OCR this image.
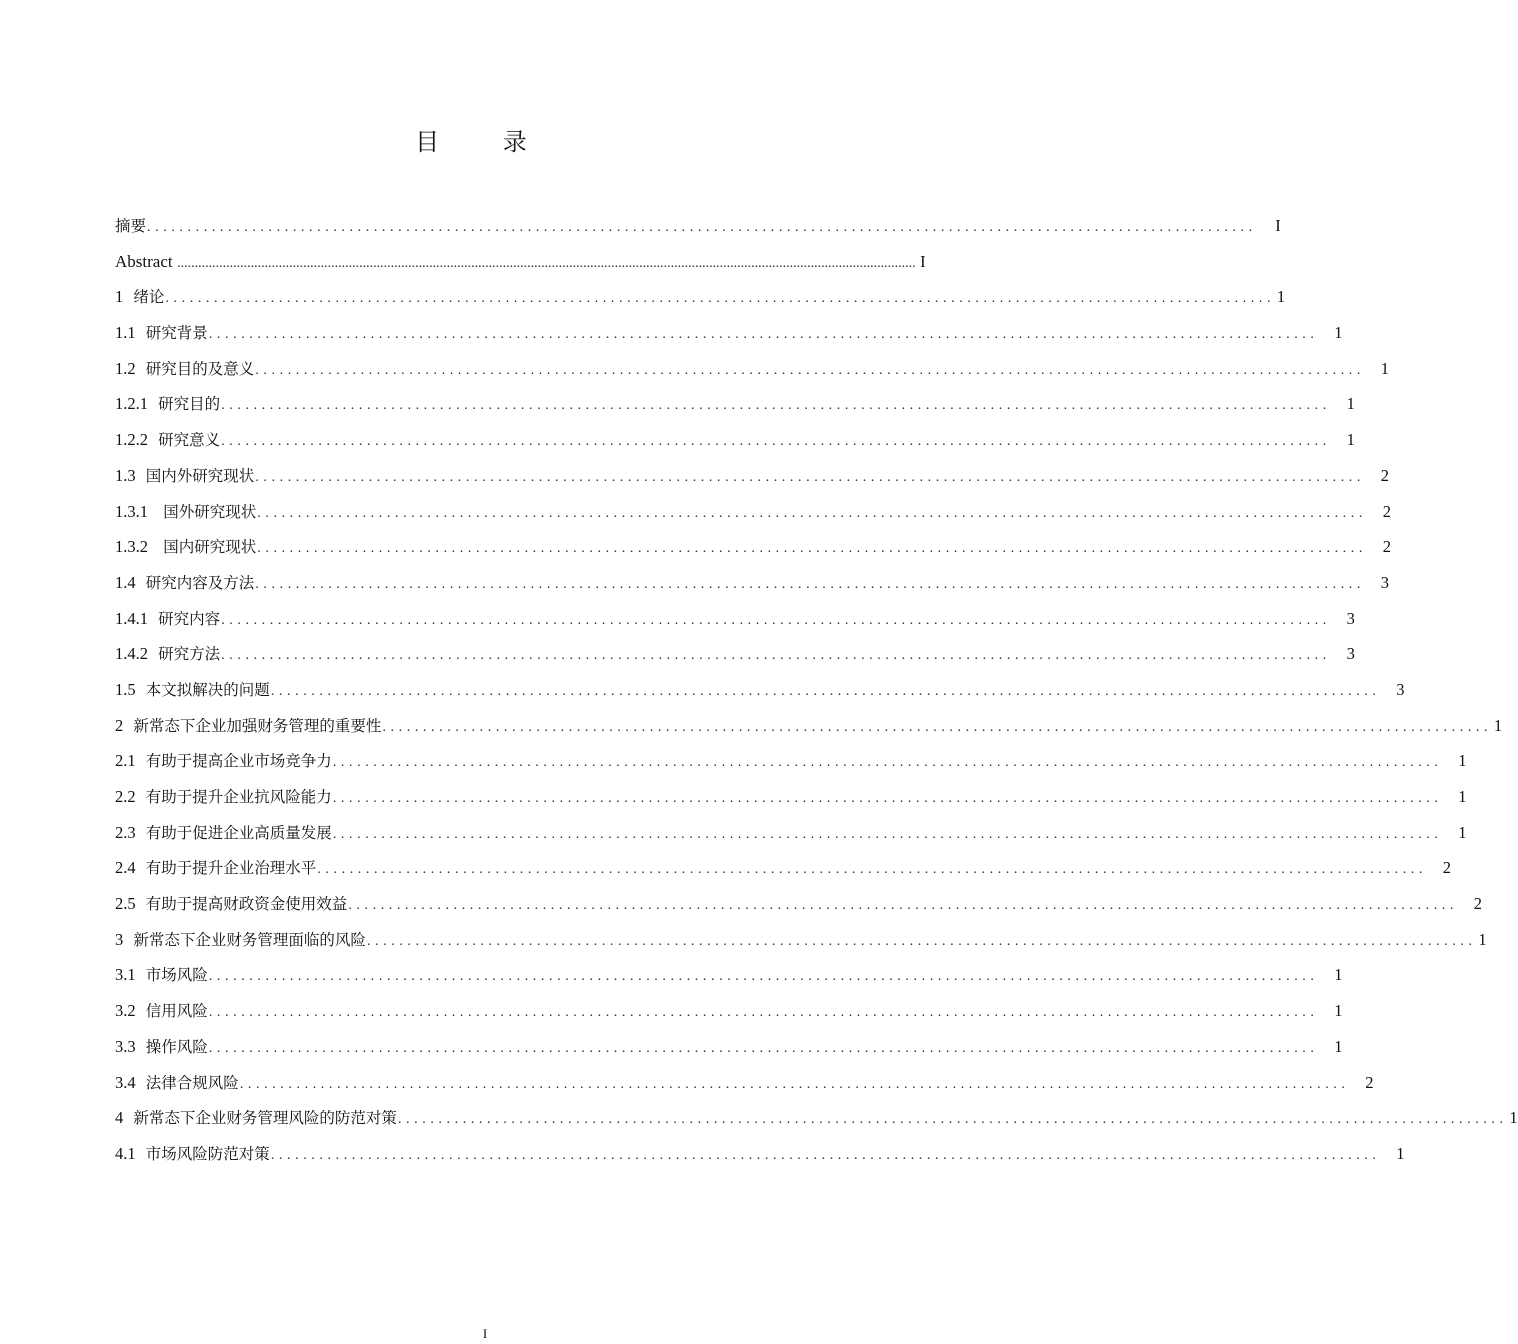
目 录
摘要 .........................................................................................................................................	I
Abstract ................................................................................................................................................................................................................... I
1
绪论 ......................................................................................................................................... 1
1.1
研究背景 ......................................................................................................................................... 1
1.2
研究目的及意义 ......................................................................................................................................... 1
1.2.1
研究目的 ......................................................................................................................................... 1
1.2.2
研究意义 ......................................................................................................................................... 1
1.3
国内外研究现状 ......................................................................................................................................... 2
1.3.1
国外研究现状 ......................................................................................................................................... 2
1.3.2
国内研究现状 ......................................................................................................................................... 2
1.4
研究内容及方法 ......................................................................................................................................... 3
1.4.1
研究内容 ......................................................................................................................................... 3
1.4.2
研究方法 ......................................................................................................................................... 3
1.5
本文拟解决的问题 ......................................................................................................................................... 3
2
新常态下企业加强财务管理的重要性 ......................................................................................................................................... 1
2.1
有助于提高企业市场竞争力 ......................................................................................................................................... 1
2.2
有助于提升企业抗风险能力 ......................................................................................................................................... 1
2.3
有助于促进企业高质量发展 ......................................................................................................................................... 1
2.4
有助于提升企业治理水平 ......................................................................................................................................... 2
2.5
有助于提高财政资金使用效益 ......................................................................................................................................... 2
3
新常态下企业财务管理面临的风险 ......................................................................................................................................... 1
3.1
市场风险 ......................................................................................................................................... 1
3.2
信用风险 ......................................................................................................................................... 1
3.3
操作风险 ......................................................................................................................................... 1
3.4
法律合规风险 ......................................................................................................................................... 2
4
新常态下企业财务管理风险的防范对策 ......................................................................................................................................... 1
4.1
市场风险防范对策 ......................................................................................................................................... 1
I
